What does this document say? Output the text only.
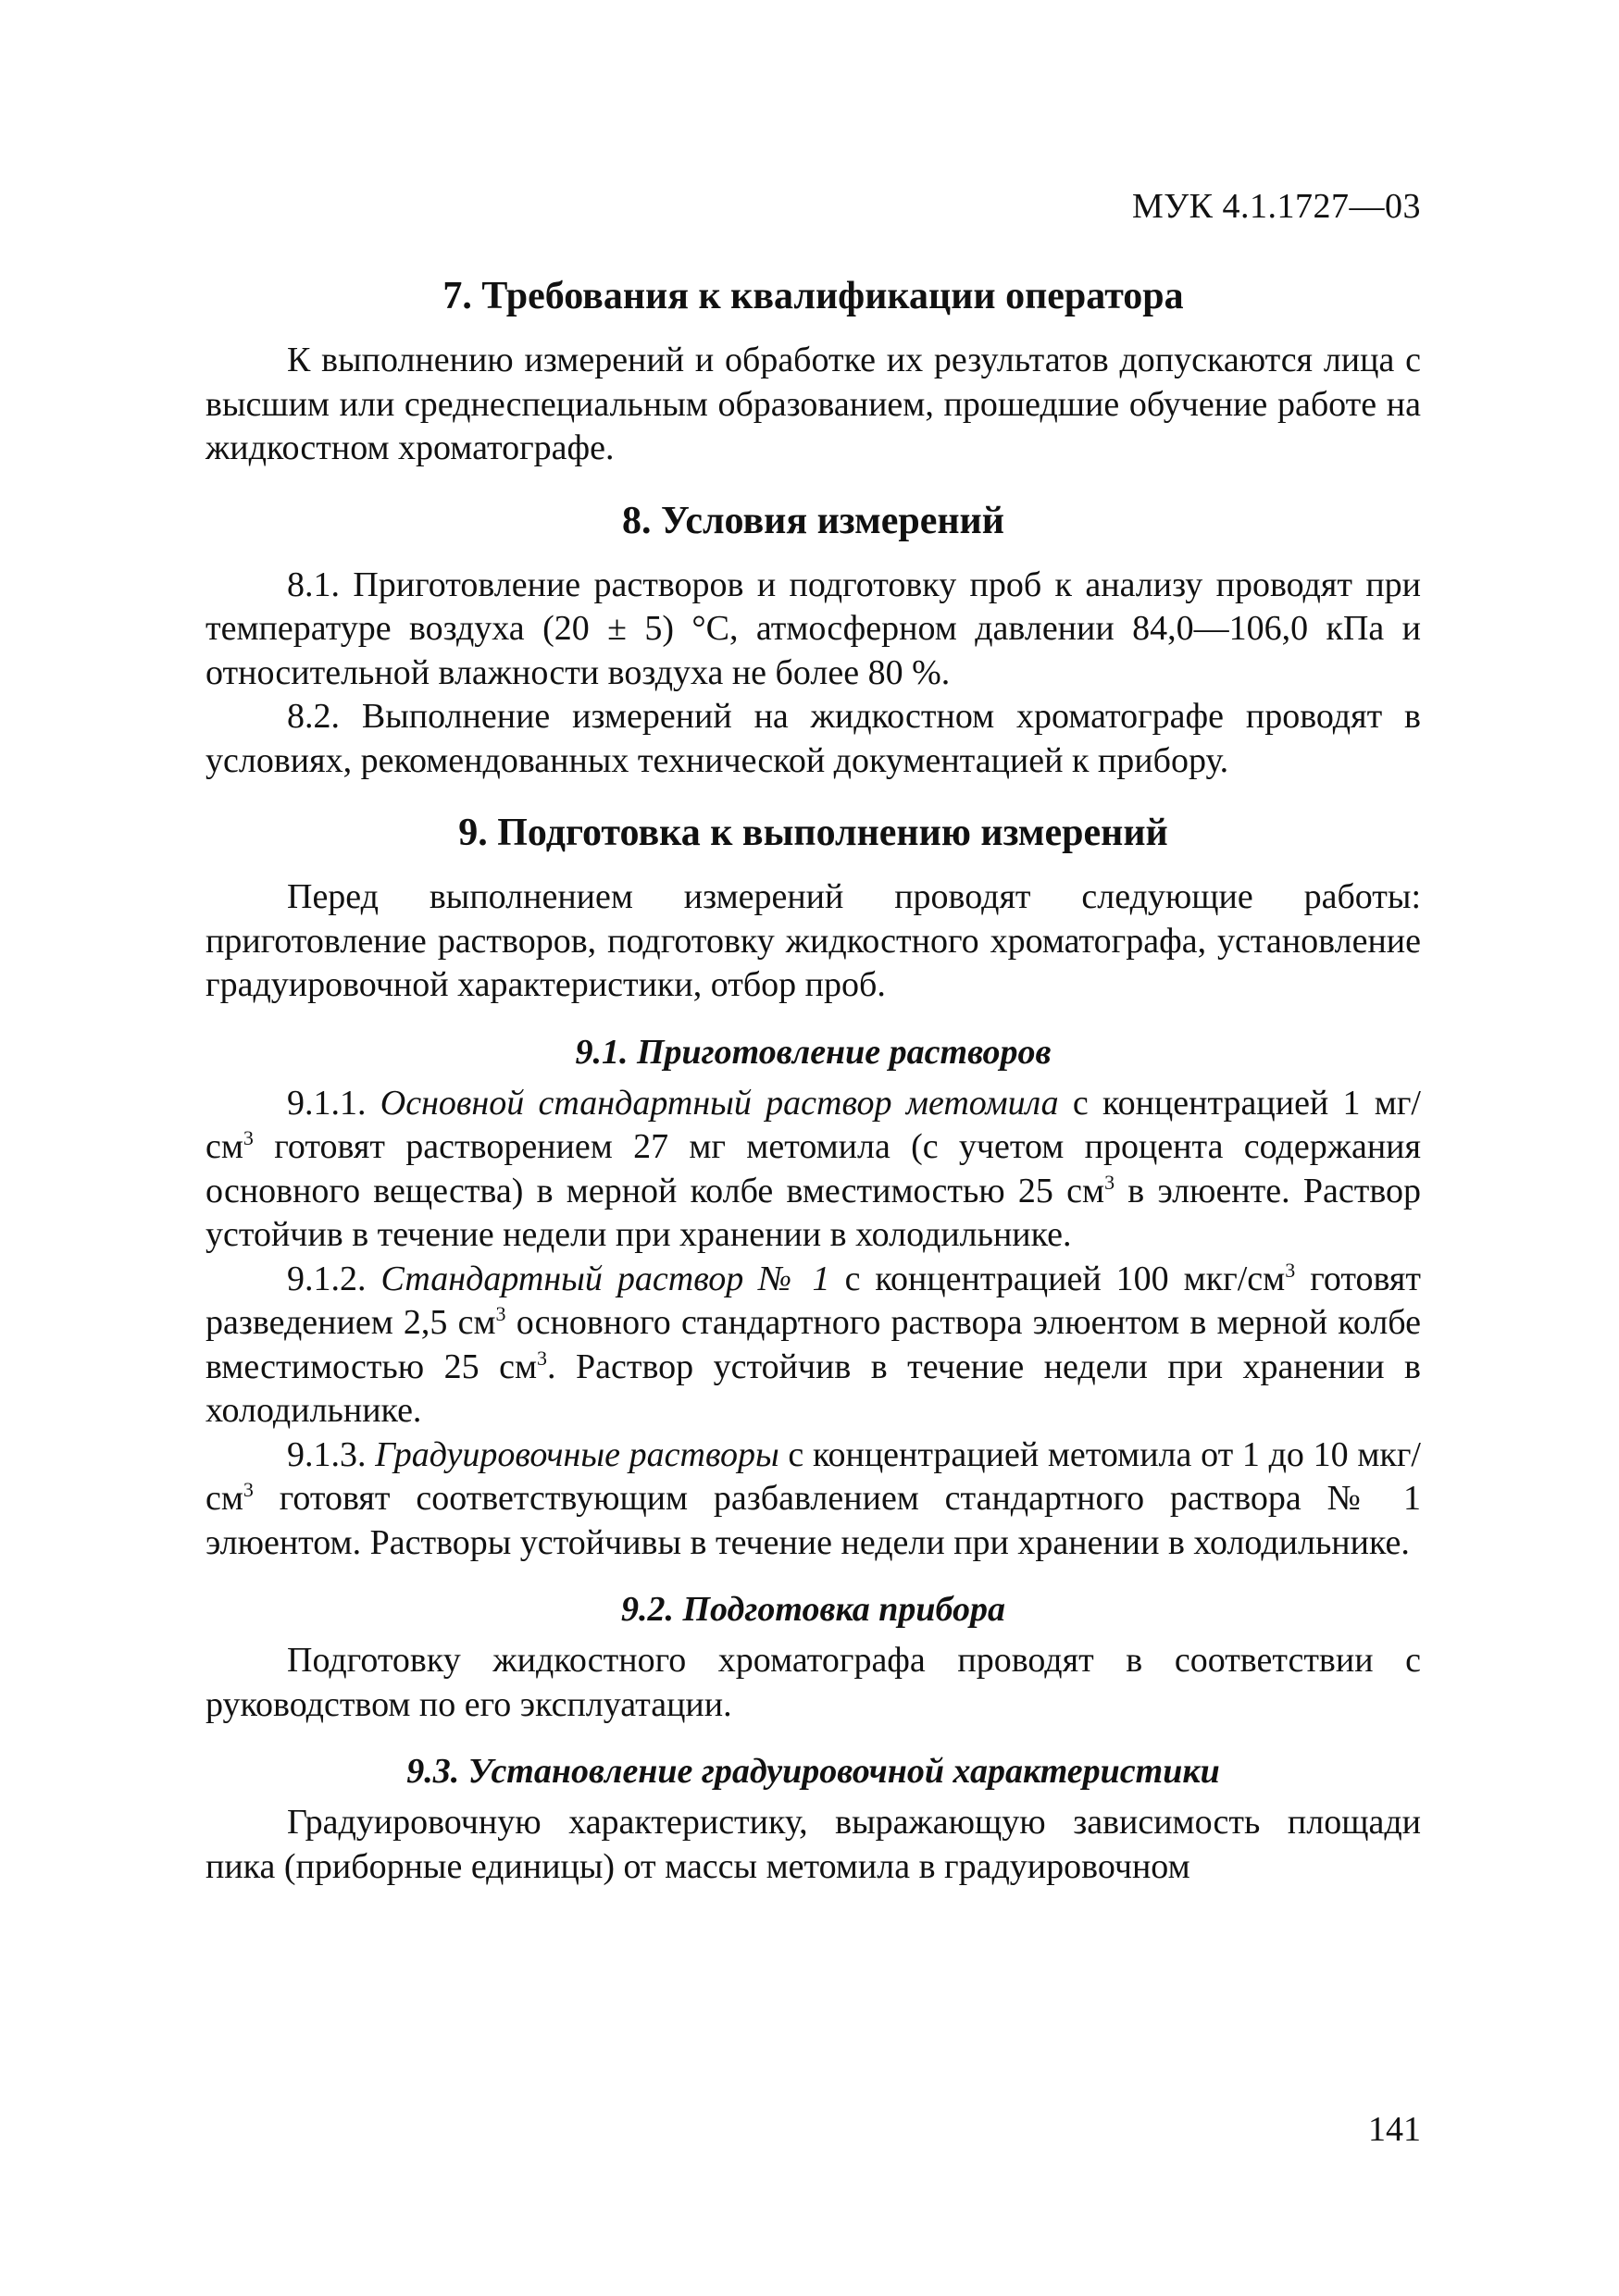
МУК 4.1.1727—03
7. Требования к квалификации оператора

К выполнению измерений и обработке их результатов допускаются лица с высшим или среднеспециальным образованием, прошедшие обучение работе на жидкостном хроматографе.

8. Условия измерений

8.1. Приготовление растворов и подготовку проб к анализу проводят при температуре воздуха (20 ± 5) °С, атмосферном давлении 84,0—106,0 кПа и относительной влажности воздуха не более 80 %.

8.2. Выполнение измерений на жидкостном хроматографе проводят в условиях, рекомендованных технической документацией к прибору.

9. Подготовка к выполнению измерений

Перед выполнением измерений проводят следующие работы: приготовление растворов, подготовку жидкостного хроматографа, установление градуировочной характеристики, отбор проб.

9.1. Приготовление растворов

9.1.1. Основной стандартный раствор метомила с концентрацией 1 $мг/см^3$ готовят растворением 27 мг метомила (с учетом процента содержания основного вещества) в мерной колбе вместимостью 25 $см^3$ в элюенте. Раствор устойчив в течение недели при хранении в холодильнике.

9.1.2. Стандартный раствор № 1 с концентрацией 100 мкг/$см^3$ готовят разведением 2,5 $см^3$ основного стандартного раствора элюентом в мерной колбе вместимостью 25 $см^3$. Раствор устойчив в течение недели при хранении в холодильнике.

9.1.3. Градуировочные растворы с концентрацией метомила от 1 до 10 мкг/$см^3$ готовят соответствующим разбавлением стандартного раствора № 1 элюентом. Растворы устойчивы в течение недели при хранении в холодильнике.

9.2. Подготовка прибора

Подготовку жидкостного хроматографа проводят в соответствии с руководством по его эксплуатации.

9.3. Установление градуировочной характеристики

Градуировочную характеристику, выражающую зависимость площади пика (приборные единицы) от массы метомила в градуировочном

141
